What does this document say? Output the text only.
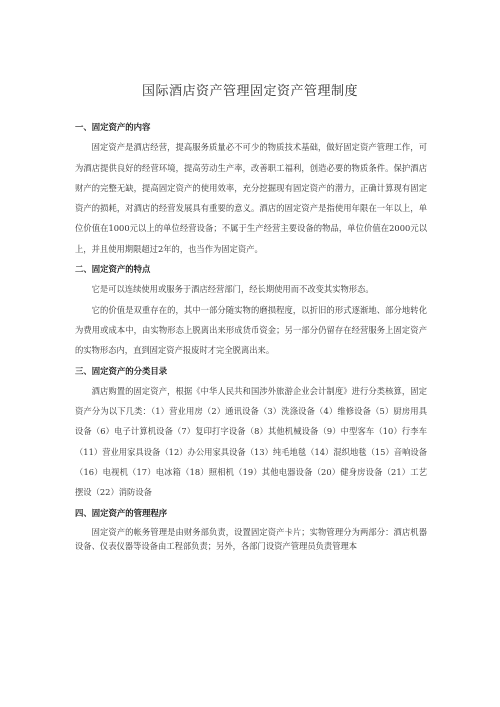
国际酒店资产管理固定资产管理制度

一、固定资产的内容

固定资产是酒店经营，提高服务质量必不可少的物质技术基础，做好固定资产管理工作，可为酒店提供良好的经营环境，提高劳动生产率，改善职工福利，创造必要的物质条件。保护酒店财产的完整无缺，提高固定资产的使用效率，充分挖掘现有固定资产的潜力，正确计算现有固定资产的损耗，对酒店的经营发展具有重要的意义。酒店的固定资产是指使用年限在一年以上，单位价值在1000元以上的单位经营设备；不属于生产经营主要设备的物品，单位价值在2000元以上，并且使用期限超过2年的，也当作为固定资产。

二、固定资产的特点

它是可以连续使用或服务于酒店经营部门，经长期使用而不改变其实物形态。

它的价值是双重存在的，其中一部分随实物的磨损程度，以折旧的形式逐渐地、部分地转化为费用或成本中，由实物形态上脱离出来形成货币资金；另一部分仍留存在经营服务上固定资产的实物形态内，直到固定资产报废时才完全脱离出来。

三、固定资产的分类目录

酒店购置的固定资产，根据《中华人民共和国涉外旅游企业会计制度》进行分类核算，固定资产分为以下几类：（1）营业用房（2）通讯设备（3）洗涤设备（4）维修设备（5）厨房用具设备（6）电子计算机设备（7）复印打字设备（8）其他机械设备（9）中型客车（10）行李车（11）营业用家具设备（12）办公用家具设备（13）纯毛地毯（14）混织地毯（15）音响设备（16）电视机（17）电冰箱（18）照相机（19）其他电器设备（20）健身房设备（21）工艺摆设（22）消防设备

四、固定资产的管理程序

固定资产的帐务管理是由财务部负责，设置固定资产卡片；实物管理分为两部分：酒店机器设备、仪表仪器等设备由工程部负责；另外，各部门设资产管理员负责管理本
